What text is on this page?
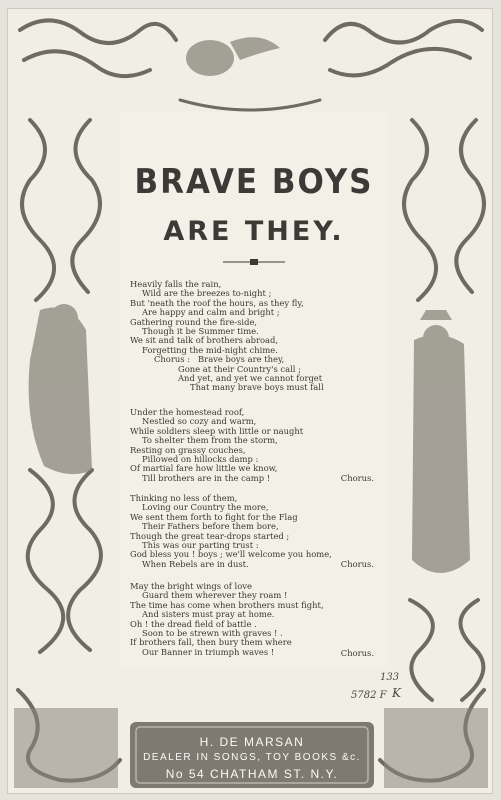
BRAVE BOYS
ARE THEY.
Heavily falls the rain,
Wild are the breezes to-night ;
But 'neath the roof the hours, as they fly,
Are happy and calm and bright ;
Gathering round the fire-side,
Though it be Summer time.
We sit and talk of brothers abroad,
Forgetting the mid-night chime.
Chorus : Brave boys are they,
Gone at their Country's call ;
And yet, and yet we cannot forget
That many brave boys must fall
Under the homestead roof,
Nestled so cozy and warm,
While soldiers sleep with little or naught
To shelter them from the storm,
Resting on grassy couches,
Pillowed on hillocks damp :
Of martial fare how little we know,
Till brothers are in the camp !	Chorus.
Thinking no less of them,
Loving our Country the more,
We sent them forth to fight for the Flag
Their Fathers before them bore,
Though the great tear-drops started ;
This was our parting trust :
God bless you ! boys ; we'll welcome you home,
When Rebels are in dust.	Chorus.
May the bright wings of love
Guard them wherever they roam !
The time has come when brothers must fight,
And sisters must pray at home.
Oh ! the dread field of battle .
Soon to be strewn with graves ! .
If brothers fall, then bury them where
Our Banner in triumph waves !	Chorus.
133
5782 F K
H. DE MARSAN
DEALER IN SONGS, TOY BOOKS &c.
No 54 CHATHAM ST. N.Y.
